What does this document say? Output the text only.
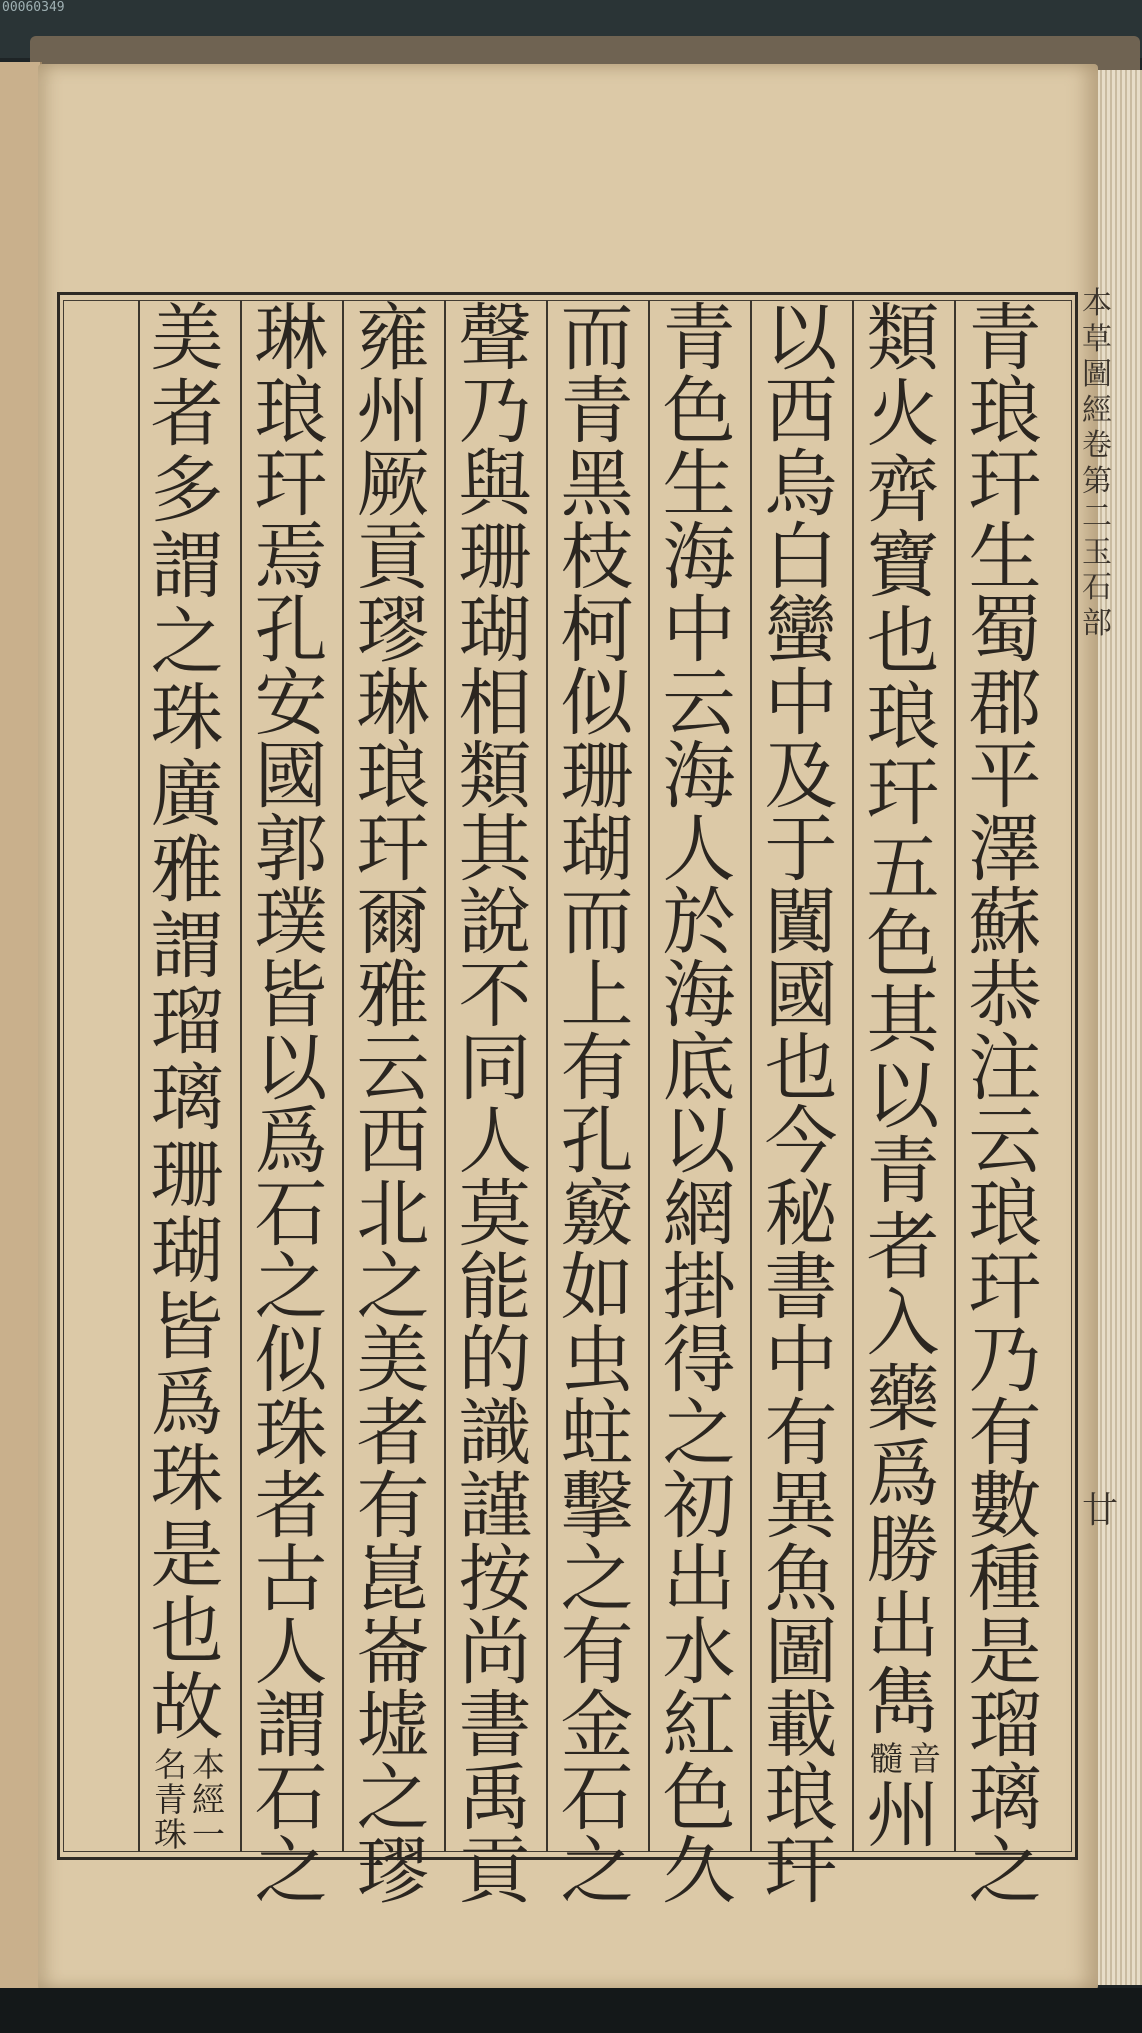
00060349
青
琅
玕
生
蜀
郡
平
澤
蘇
恭
注
云
琅
玕
乃
有
數
種
是
瑠
璃
之
類
火
齊
寶
也
琅
玕
五
色
其
以
青
者
入
藥
爲
勝
出
雋
音
髓
州
以
西
烏
白
蠻
中
及
于
闐
國
也
今
秘
書
中
有
異
魚
圖
載
琅
玕
青
色
生
海
中
云
海
人
於
海
底
以
網
掛
得
之
初
出
水
紅
色
久
而
青
黑
枝
柯
似
珊
瑚
而
上
有
孔
竅
如
虫
蛀
擊
之
有
金
石
之
聲
乃
與
珊
瑚
相
類
其
說
不
同
人
莫
能
的
識
謹
按
尚
書
禹
貢
雍
州
厥
貢
璆
琳
琅
玕
爾
雅
云
西
北
之
美
者
有
崑
崙
墟
之
璆
琳
琅
玕
焉
孔
安
國
郭
璞
皆
以
爲
石
之
似
珠
者
古
人
謂
石
之
美
者
多
謂
之
珠
廣
雅
謂
瑠
璃
珊
瑚
皆
爲
珠
是
也
故
本經一
名青珠
本
草
圖
經
卷
第
二
玉
石
部
廿
